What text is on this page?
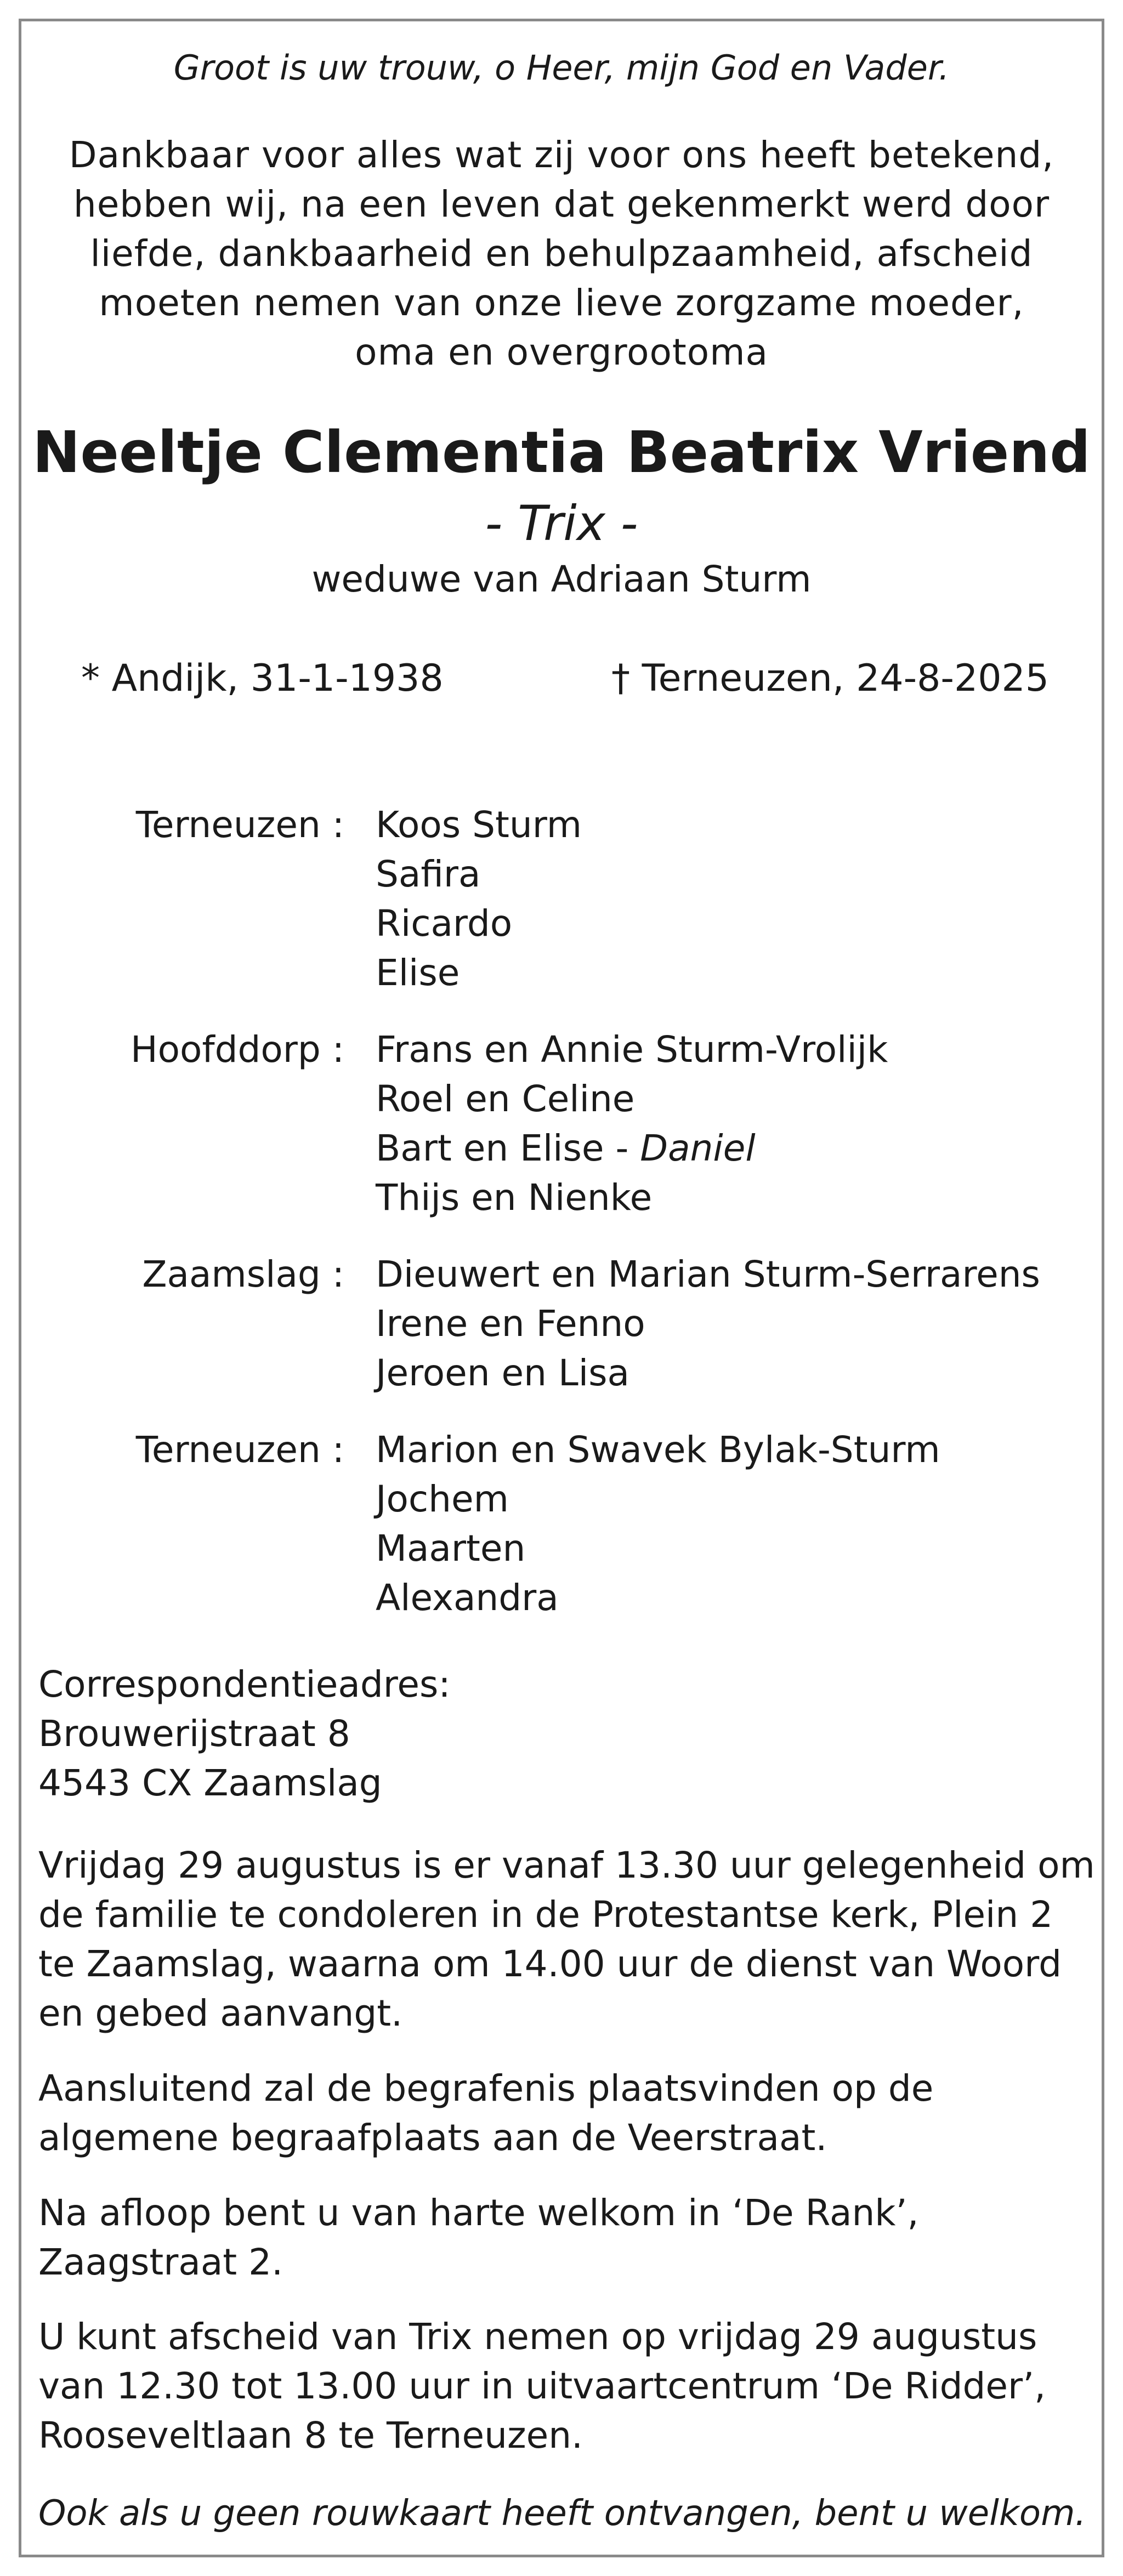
Groot is uw trouw, o Heer, mijn God en Vader.
Dankbaar voor alles wat zij voor ons heeft betekend,
hebben wij, na een leven dat gekenmerkt werd door
liefde, dankbaarheid en behulpzaamheid, afscheid
moeten nemen van onze lieve zorgzame moeder,
oma en overgrootoma
Neeltje Clementia Beatrix Vriend
- Trix -
weduwe van Adriaan Sturm
* Andijk, 31-1-1938	† Terneuzen, 24-8-2025
Terneuzen : Koos Sturm
Safira
Ricardo
Elise
Hoofddorp : Frans en Annie Sturm-Vrolijk
Roel en Celine
Bart en Elise - Daniel
Thijs en Nienke
Zaamslag : Dieuwert en Marian Sturm-Serrarens
Irene en Fenno
Jeroen en Lisa
Terneuzen : Marion en Swavek Bylak-Sturm
Jochem
Maarten
Alexandra
Correspondentieadres:
Brouwerijstraat 8
4543 CX Zaamslag
Vrijdag 29 augustus is er vanaf 13.30 uur gelegenheid om
de familie te condoleren in de Protestantse kerk, Plein 2
te Zaamslag, waarna om 14.00 uur de dienst van Woord
en gebed aanvangt.
Aansluitend zal de begrafenis plaatsvinden op de
algemene begraafplaats aan de Veerstraat.
Na afloop bent u van harte welkom in ‘De Rank’,
Zaagstraat 2.
U kunt afscheid van Trix nemen op vrijdag 29 augustus
van 12.30 tot 13.00 uur in uitvaartcentrum ‘De Ridder’,
Rooseveltlaan 8 te Terneuzen.
Ook als u geen rouwkaart heeft ontvangen, bent u welkom.
